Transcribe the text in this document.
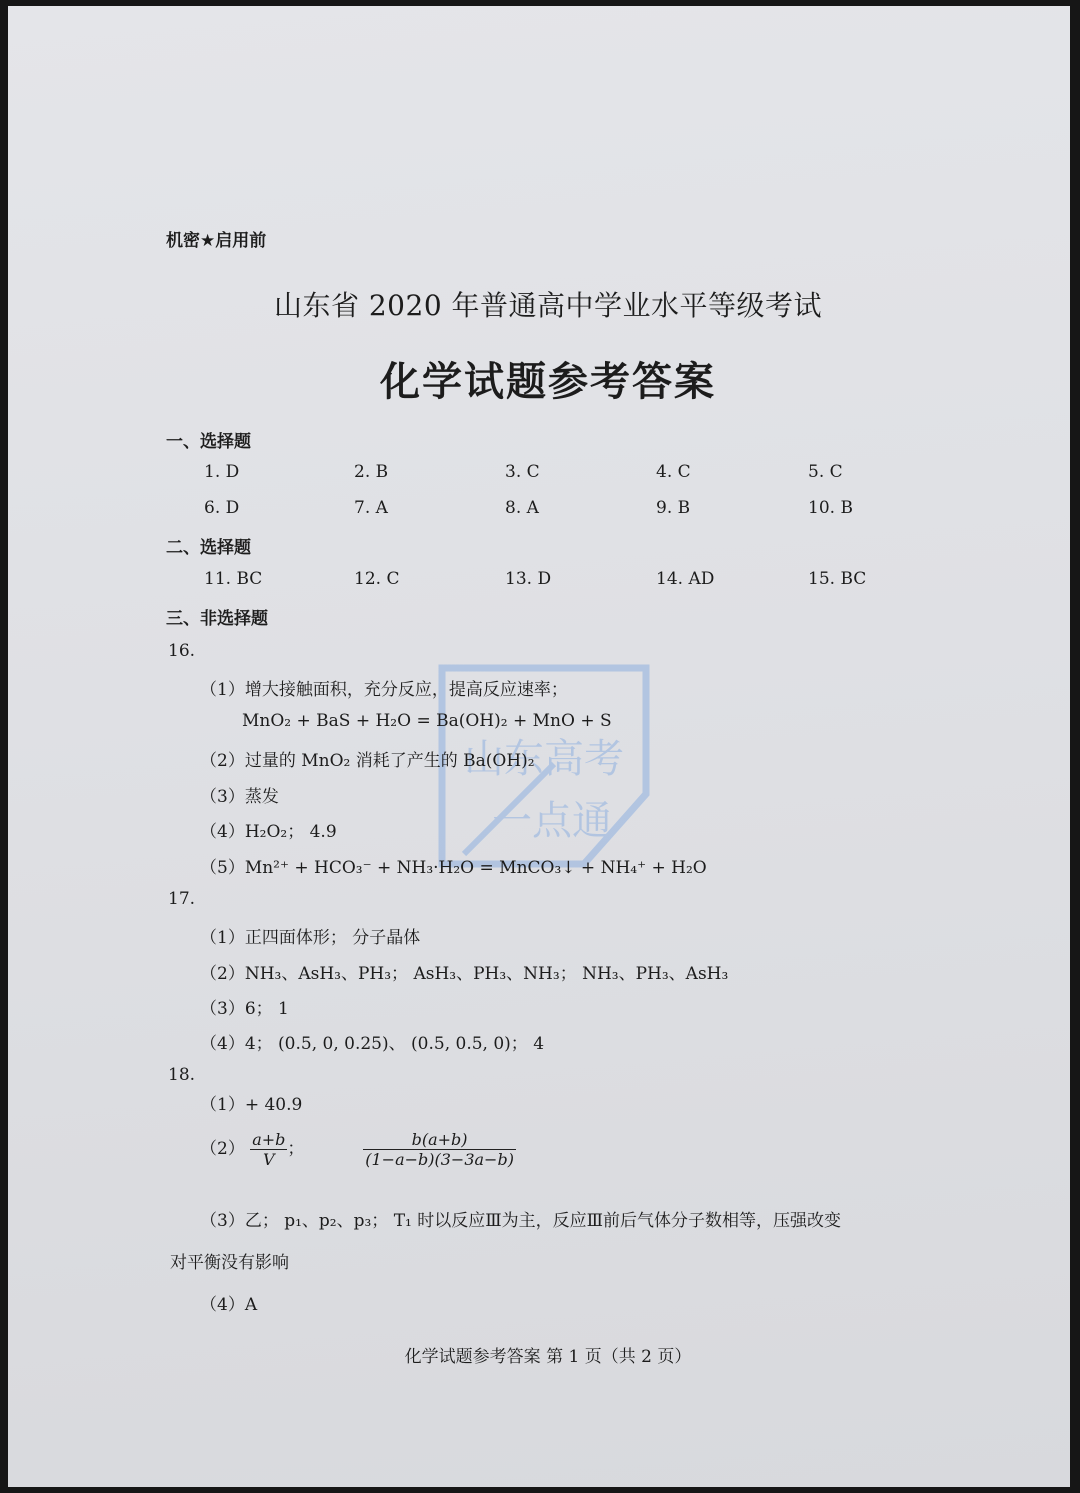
山东高考
一点通
机密★启用前
山东省 2020 年普通高中学业水平等级考试
化学试题参考答案
一、选择题
1. D	2. B	3. C	4. C	5. C
6. D	7. A	8. A	9. B	10. B
二、选择题
11. BC	12. C	13. D	14. AD	15. BC
三、非选择题
16.
（1）增大接触面积，充分反应，提高反应速率；
MnO₂ + BaS + H₂O = Ba(OH)₂ + MnO + S
（2）过量的 MnO₂ 消耗了产生的 Ba(OH)₂
（3）蒸发
（4）H₂O₂； 4.9
（5）Mn²⁺ + HCO₃⁻ + NH₃·H₂O = MnCO₃↓ + NH₄⁺ + H₂O
17.
（1）正四面体形； 分子晶体
（2）NH₃、AsH₃、PH₃； AsH₃、PH₃、NH₃； NH₃、PH₃、AsH₃
（3）6； 1
（4）4； (0.5, 0, 0.25)、 (0.5, 0.5, 0)； 4
18.
（1）+ 40.9
$(2) \frac{a+b}{V}$ ；	$\frac{b(a+b)}{(1-a-b)(3-3a-b)}$
（3）乙； p₁、p₂、p₃； T₁ 时以反应Ⅲ为主，反应Ⅲ前后气体分子数相等，压强改变
对平衡没有影响
（4）A
化学试题参考答案 第 1 页（共 2 页）
